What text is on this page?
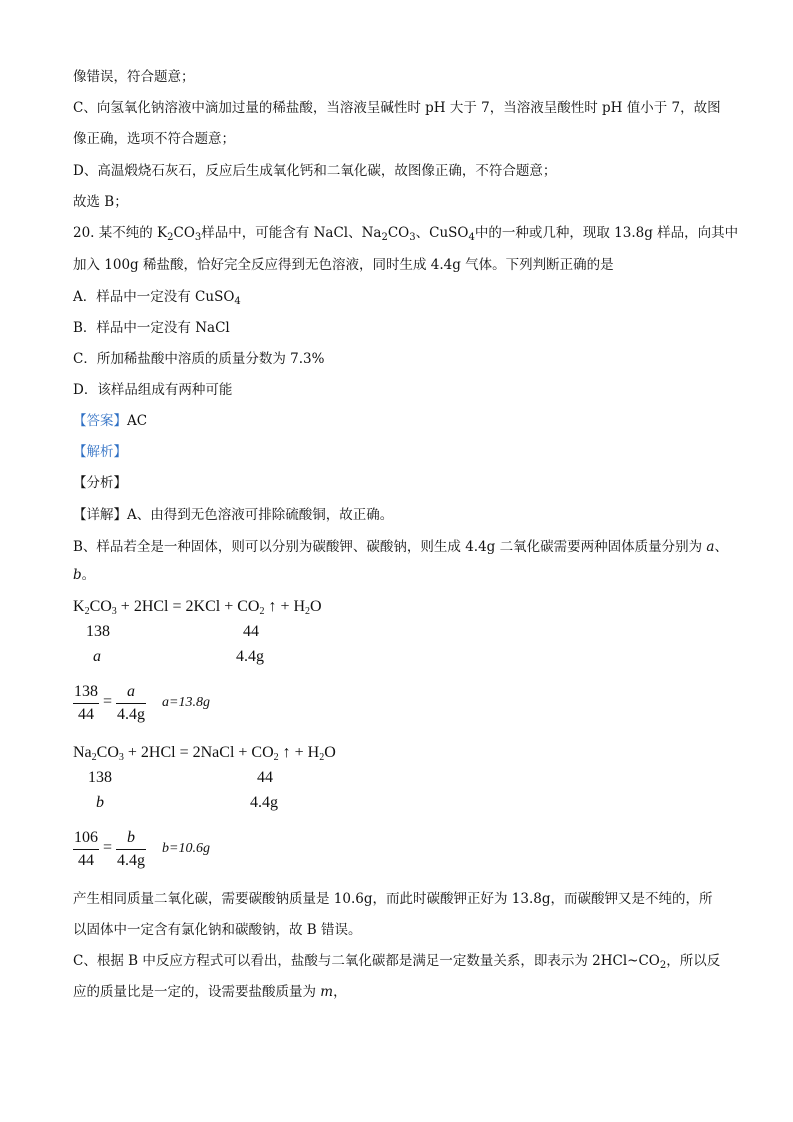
像错误，符合题意；
C、向氢氧化钠溶液中滴加过量的稀盐酸，当溶液呈碱性时 pH 大于 7，当溶液呈酸性时 pH 值小于 7，故图
像正确，选项不符合题意；
D、高温煅烧石灰石，反应后生成氧化钙和二氧化碳，故图像正确，不符合题意；
故选 B；
20. 某不纯的 $K_2CO_3$样品中，可能含有 NaCl、$Na_2CO_3$、CuSO$_4$中的一种或几种，现取 13.8g 样品，向其中
加入 100g 稀盐酸，恰好完全反应得到无色溶液，同时生成 4.4g 气体。下列判断正确的是
A．样品中一定没有 CuSO$_4$
B．样品中一定没有 NaCl
C．所加稀盐酸中溶质的质量分数为 7.3%
D．该样品组成有两种可能
【答案】AC
【解析】
【分析】
【详解】A、由得到无色溶液可排除硫酸铜，故正确。
B、样品若全是一种固体，则可以分别为碳酸钾、碳酸钠，则生成 4.4g 二氧化碳需要两种固体质量分别为 a、
b。
$K_2CO_3 + 2HCl = 2KCl + CO_2$ ↑ + $H_2O$
138	44
a	4.4g
138
44
=
a
4.4g
a=13.8g
$Na_2CO_3 + 2HCl$ = 2NaCl + $CO_2$ ↑ + $H_2O$
138	44
b	4.4g
106
44
=
b
4.4g
b=10.6g
产生相同质量二氧化碳，需要碳酸钠质量是 10.6g，而此时碳酸钾正好为 13.8g，而碳酸钾又是不纯的，所
以固体中一定含有氯化钠和碳酸钠，故 B 错误。
C、根据 B 中反应方程式可以看出，盐酸与二氧化碳都是满足一定数量关系，即表示为 $2HCl\sim CO_2$，所以反
应的质量比是一定的，设需要盐酸质量为 m，
